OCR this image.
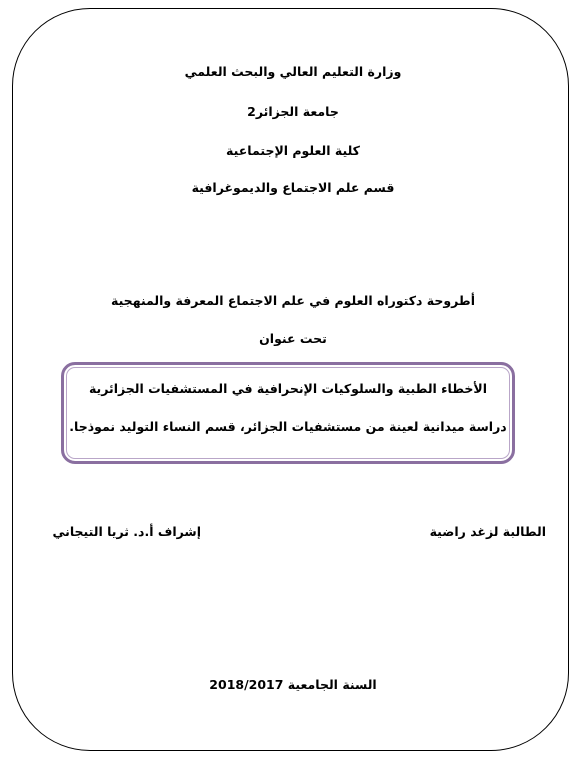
وزارة التعليم العالي والبحث العلمي
جامعة الجزائر2
كلية العلوم الإجتماعية
قسم علم الاجتماع والديموغرافية
أطروحة دكتوراه العلوم في علم الاجتماع المعرفة والمنهجية
تحت عنوان
الأخطاء الطبية والسلوكيات الإنحرافية في المستشفيات الجزائرية
دراسة ميدانية لعينة من مستشفيات الجزائر، قسم النساء التوليد نموذجا.
الطالبة لزغد راضية
إشراف أ.د. ثريا التيجاني
السنة الجامعية 2018/2017
